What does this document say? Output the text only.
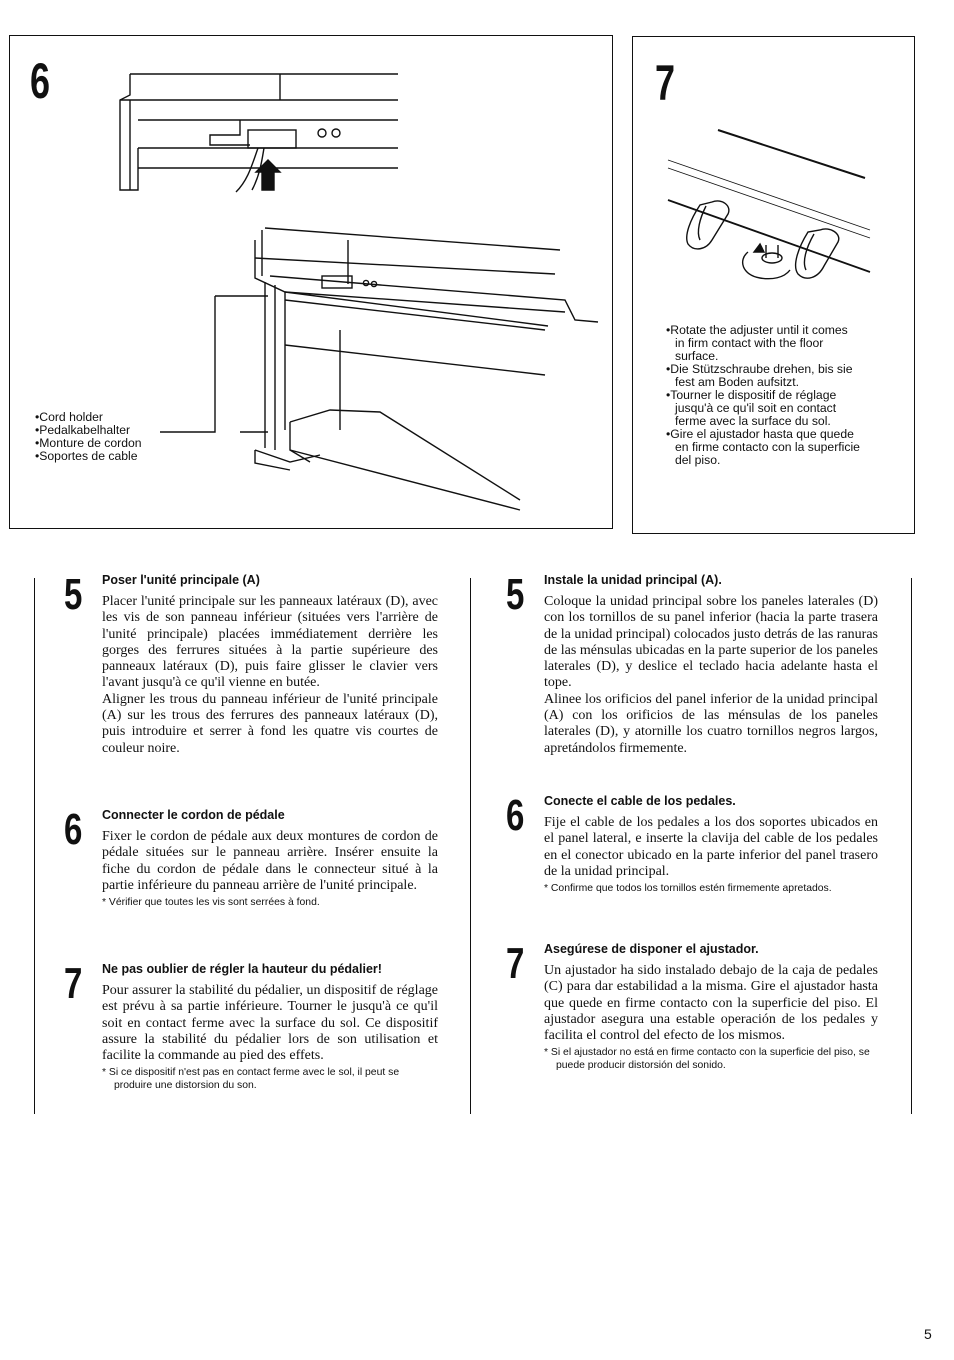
6
•Cord holder
•Pedalkabelhalter
•Monture de cordon
•Soportes de cable
7
•Rotate the adjuster until it comes
in firm contact with the floor
surface.
•Die Stützschraube drehen, bis sie
fest am Boden aufsitzt.
•Tourner le dispositif de réglage
jusqu'à ce qu'il soit en contact
ferme avec la surface du sol.
•Gire el ajustador hasta que quede
en firme contacto con la superficie
del piso.
5 Poser l'unité principale (A)

Placer l'unité principale sur les panneaux latéraux (D), avec les vis de son panneau inférieur (situées vers l'arrière de l'unité principale) placées immédiatement derrière les gorges des ferrures situées à la partie supérieure des panneaux latéraux (D), puis faire glisser le clavier vers l'avant jusqu'à ce qu'il vienne en butée.

Aligner les trous du panneau inférieur de l'unité principale (A) sur les trous des ferrures des panneaux latéraux (D), puis introduire et serrer à fond les quatre vis courtes de couleur noire.

6 Connecter le cordon de pédale

Fixer le cordon de pédale aux deux montures de cordon de pédale situées sur le panneau arrière. Insérer ensuite la fiche du cordon de pédale dans le connecteur situé à la partie inférieure du panneau arrière de l'unité principale.

* Vérifier que toutes les vis sont serrées à fond.

7 Ne pas oublier de régler la hauteur du pédalier!

Pour assurer la stabilité du pédalier, un dispositif de réglage est prévu à sa partie inférieure. Tourner le jusqu'à ce qu'il soit en contact ferme avec la surface du sol. Ce dispositif assure la stabilité du pédalier lors de son utilisation et facilite la commande au pied des effets.

* Si ce dispositif n'est pas en contact ferme avec le sol, il peut se produire une distorsion du son.

5 Instale la unidad principal (A).

Coloque la unidad principal sobre los paneles laterales (D) con los tornillos de su panel inferior (hacia la parte trasera de la unidad principal) colocados justo detrás de las ranuras de las ménsulas ubicadas en la parte superior de los paneles laterales (D), y deslice el teclado hacia adelante hasta el tope.

Alinee los orificios del panel inferior de la unidad principal (A) con los orificios de las ménsulas de los paneles laterales (D), y atornille los cuatro tornillos negros largos, apretándolos firmemente.

6 Conecte el cable de los pedales.

Fije el cable de los pedales a los dos soportes ubicados en el panel lateral, e inserte la clavija del cable de los pedales en el conector ubicado en la parte inferior del panel trasero de la unidad principal.

* Confirme que todos los tornillos estén firmemente apretados.

7 Asegúrese de disponer el ajustador.

Un ajustador ha sido instalado debajo de la caja de pedales (C) para dar estabilidad a la misma. Gire el ajustador hasta que quede en firme contacto con la superficie del piso. El ajustador asegura una estable operación de los pedales y facilita el control del efecto de los mismos.

* Si el ajustador no está en firme contacto con la superficie del piso, se puede producir distorsión del sonido.

5
